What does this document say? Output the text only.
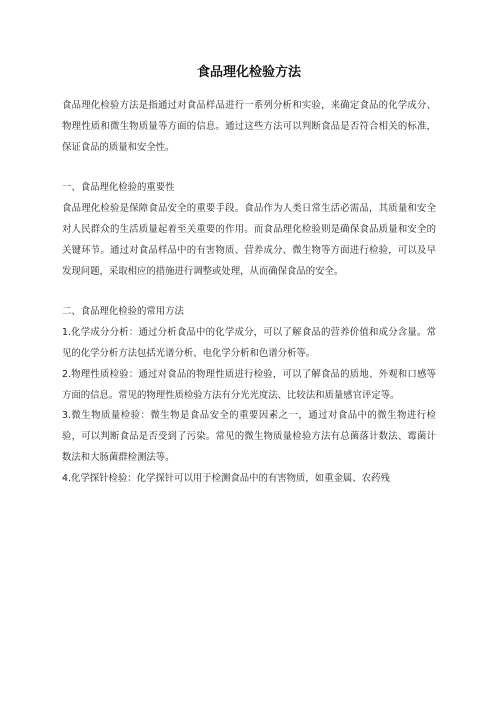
食品理化检验方法

食品理化检验方法是指通过对食品样品进行一系列分析和实验，来确定食品的化学成分、物理性质和微生物质量等方面的信息。通过这些方法可以判断食品是否符合相关的标准，保证食品的质量和安全性。

一、食品理化检验的重要性

食品理化检验是保障食品安全的重要手段。食品作为人类日常生活必需品，其质量和安全对人民群众的生活质量起着至关重要的作用。而食品理化检验则是确保食品质量和安全的关键环节。通过对食品样品中的有害物质、营养成分、微生物等方面进行检验，可以及早发现问题，采取相应的措施进行调整或处理，从而确保食品的安全。

二、食品理化检验的常用方法

1.化学成分分析：通过分析食品中的化学成分，可以了解食品的营养价值和成分含量。常见的化学分析方法包括光谱分析、电化学分析和色谱分析等。

2.物理性质检验：通过对食品的物理性质进行检验，可以了解食品的质地、外观和口感等方面的信息。常见的物理性质检验方法有分光光度法、比较法和质量感官评定等。

3.微生物质量检验：微生物是食品安全的重要因素之一，通过对食品中的微生物进行检验，可以判断食品是否受到了污染。常见的微生物质量检验方法有总菌落计数法、霉菌计数法和大肠菌群检测法等。

4.化学探针检验：化学探针可以用于检测食品中的有害物质，如重金属、农药残
